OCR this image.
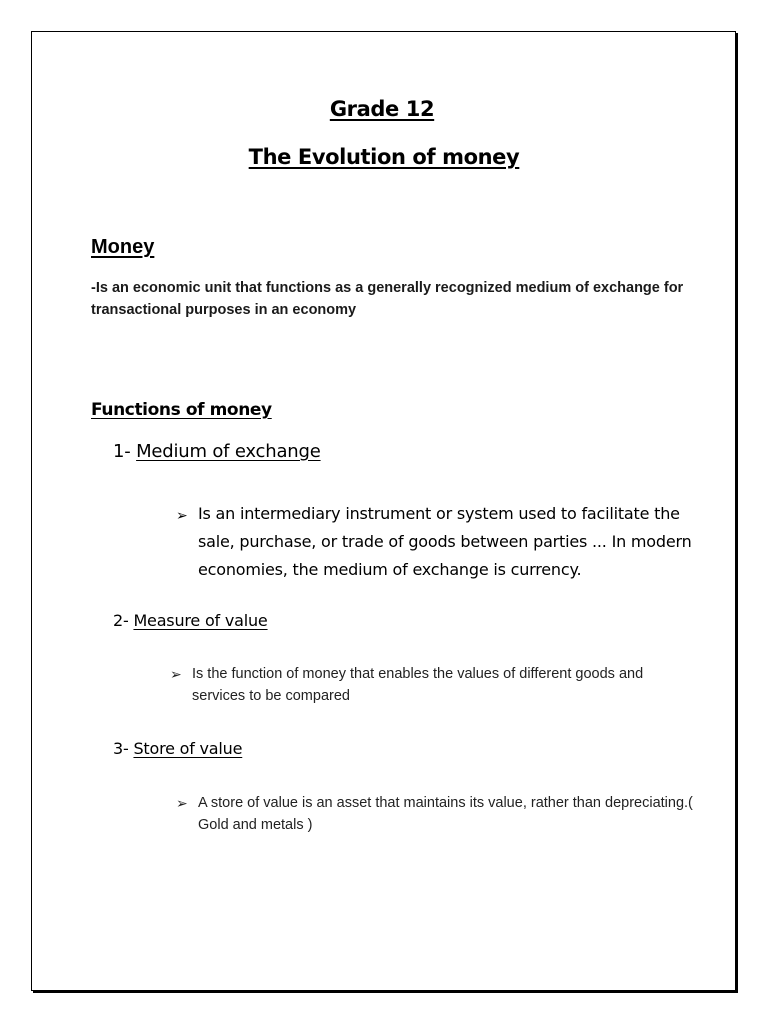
Grade 12
The Evolution of money
Money
-Is an economic unit that functions as a generally recognized medium of exchange for transactional purposes in an economy
Functions of money
1- Medium of exchange
➢ Is an intermediary instrument or system used to facilitate the sale, purchase, or trade of goods between parties ... In modern economies, the medium of exchange is currency.
2- Measure of value
➢ Is the function of money that enables the values of different goods and services to be compared
3- Store of value
➢ A store of value is an asset that maintains its value, rather than depreciating.( Gold and metals )
